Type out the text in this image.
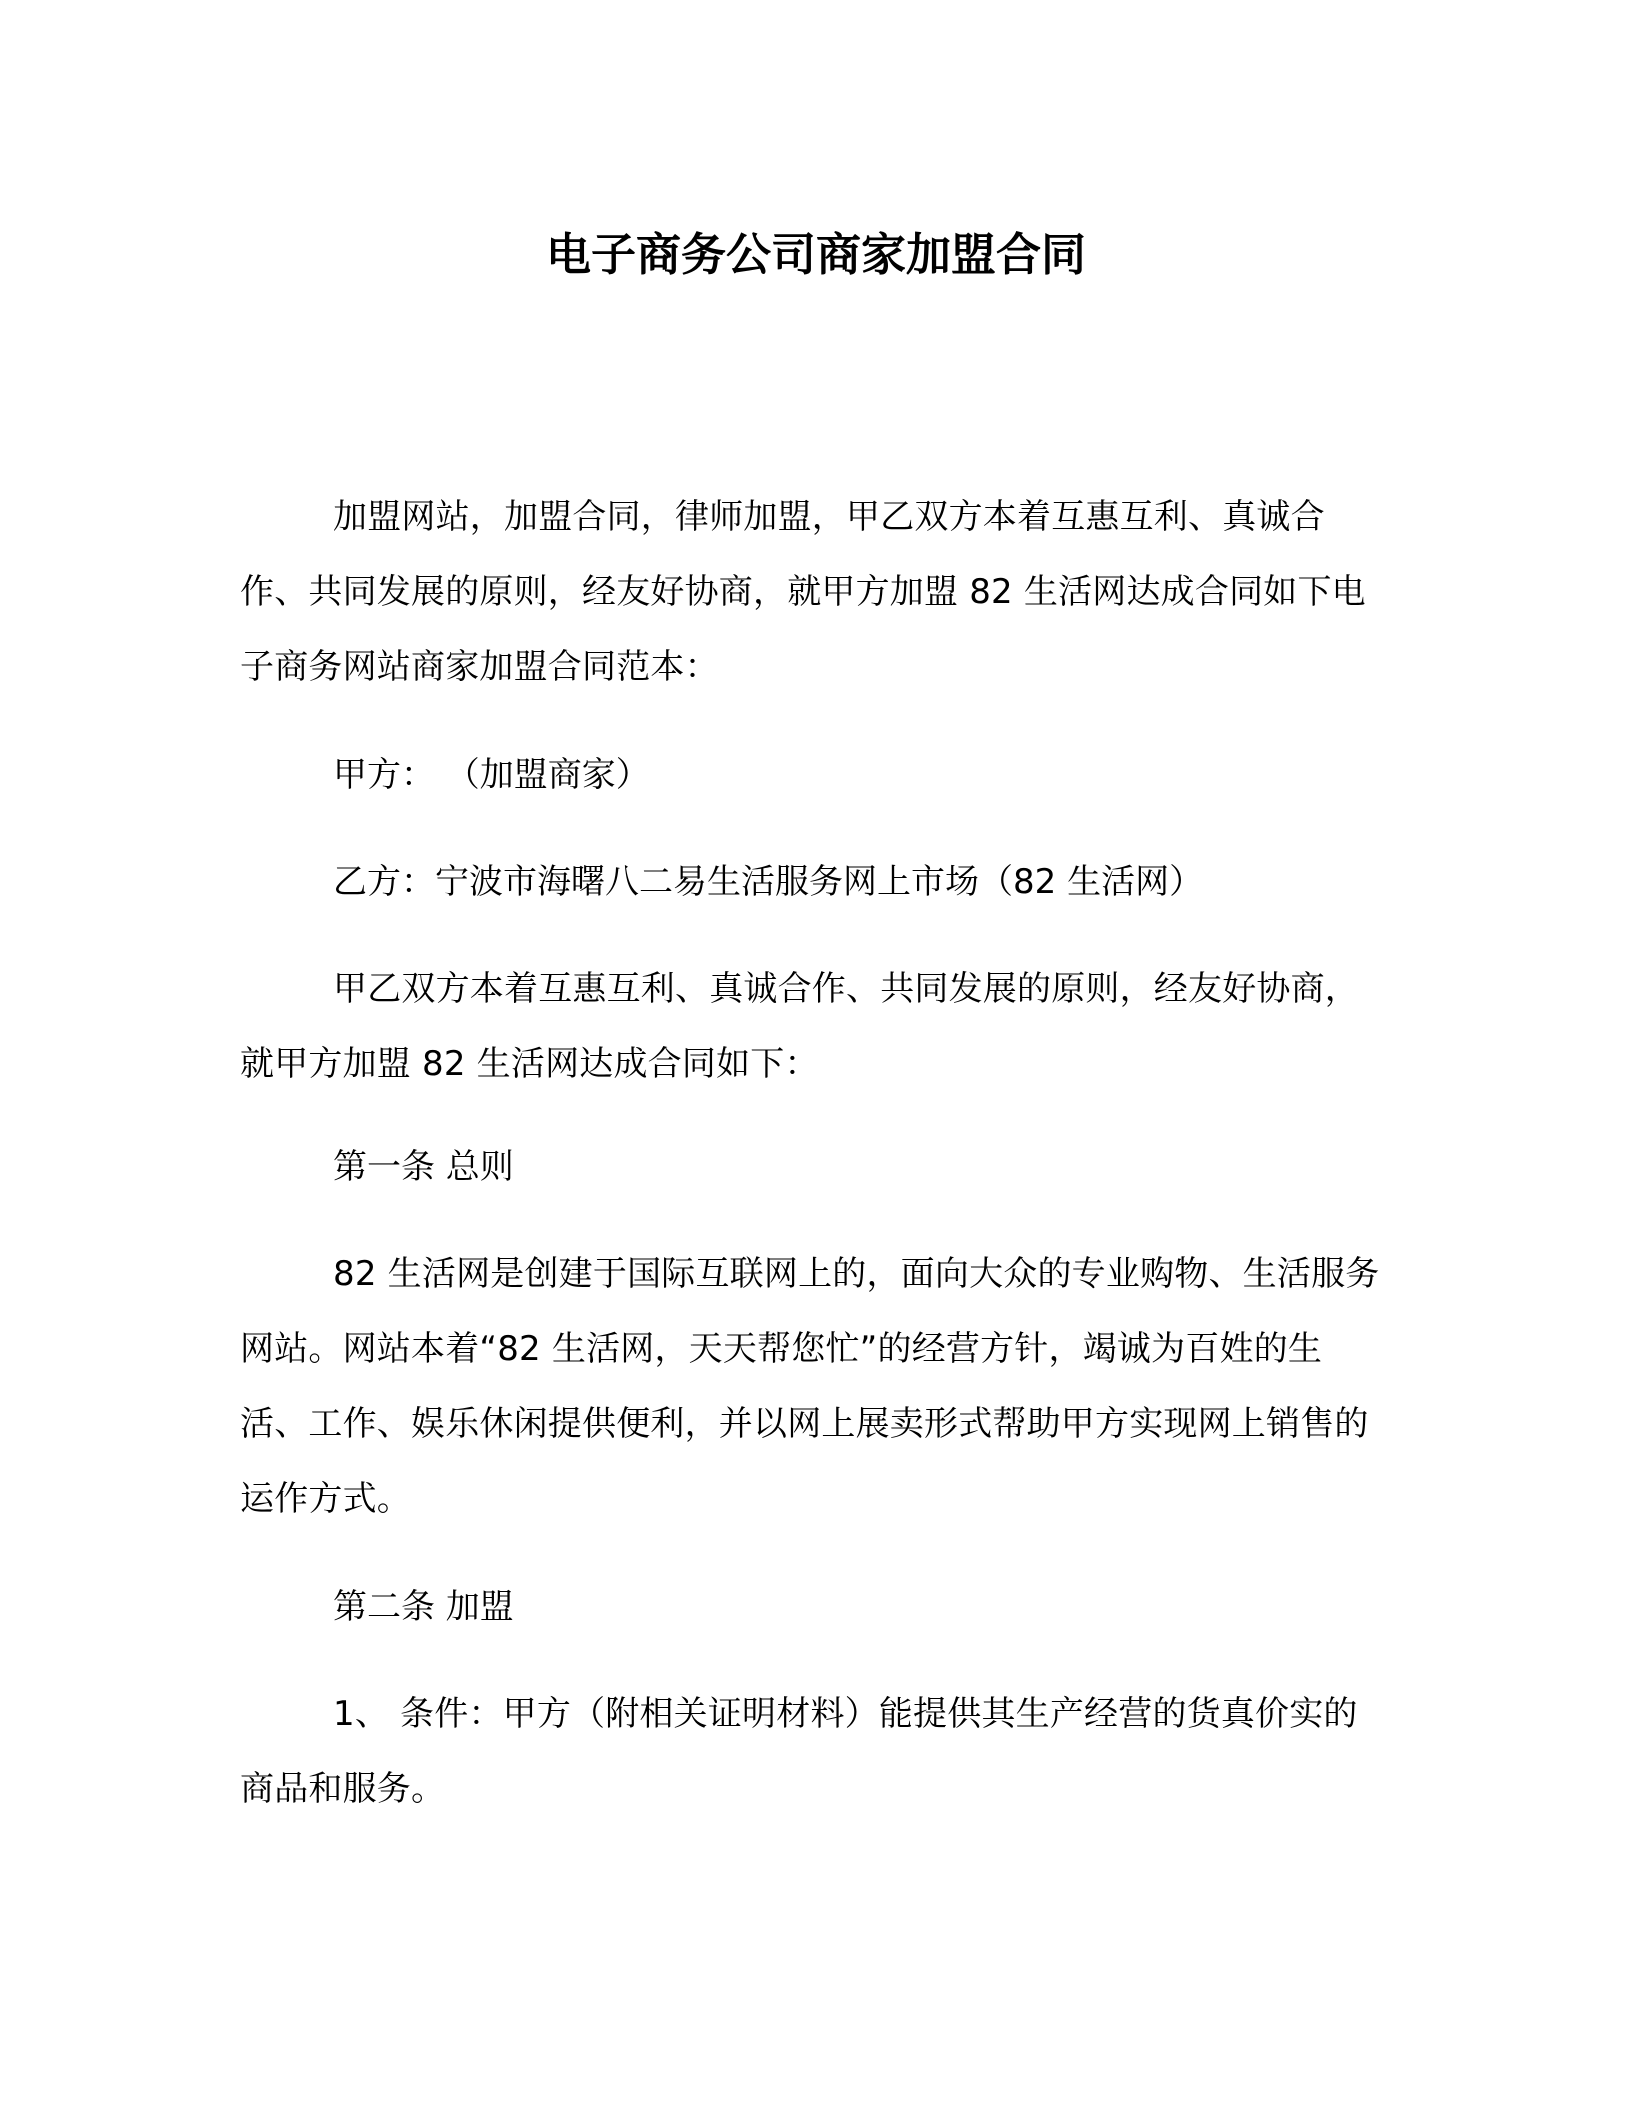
电子商务公司商家加盟合同

加盟网站，加盟合同，律师加盟，甲乙双方本着互惠互利、真诚合作、共同发展的原则，经友好协商，就甲方加盟 82 生活网达成合同如下电子商务网站商家加盟合同范本：

甲方： （加盟商家）

乙方：宁波市海曙八二易生活服务网上市场（82 生活网）

甲乙双方本着互惠互利、真诚合作、共同发展的原则，经友好协商，就甲方加盟 82 生活网达成合同如下：

第一条 总则

82 生活网是创建于国际互联网上的，面向大众的专业购物、生活服务网站。网站本着“82 生活网，天天帮您忙”的经营方针，竭诚为百姓的生活、工作、娱乐休闲提供便利，并以网上展卖形式帮助甲方实现网上销售的运作方式。

第二条 加盟

1、 条件：甲方（附相关证明材料）能提供其生产经营的货真价实的商品和服务。
